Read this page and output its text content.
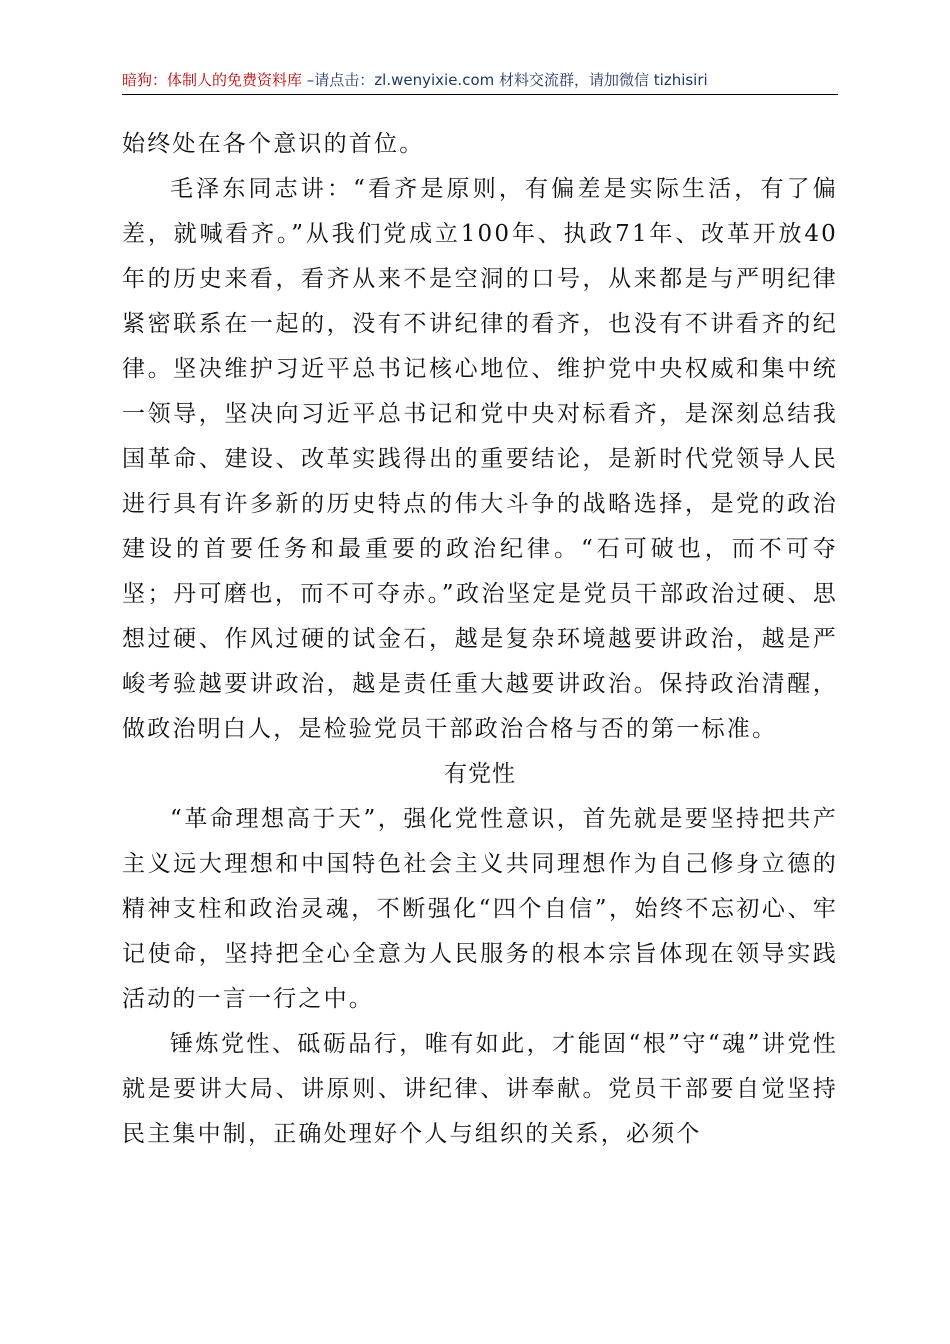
暗狗：体制人的免费资料库 –请点击：zl.wenyixie.com 材料交流群，请加微信 tizhisiri

始终处在各个意识的首位。

毛泽东同志讲：“看齐是原则，有偏差是实际生活，有了偏差，就喊看齐。”从我们党成立100年、执政71年、改革开放40年的历史来看，看齐从来不是空洞的口号，从来都是与严明纪律紧密联系在一起的，没有不讲纪律的看齐，也没有不讲看齐的纪律。坚决维护习近平总书记核心地位、维护党中央权威和集中统一领导，坚决向习近平总书记和党中央对标看齐，是深刻总结我国革命、建设、改革实践得出的重要结论，是新时代党领导人民进行具有许多新的历史特点的伟大斗争的战略选择，是党的政治建设的首要任务和最重要的政治纪律。“石可破也，而不可夺坚；丹可磨也，而不可夺赤。”政治坚定是党员干部政治过硬、思想过硬、作风过硬的试金石，越是复杂环境越要讲政治，越是严峻考验越要讲政治，越是责任重大越要讲政治。保持政治清醒，做政治明白人，是检验党员干部政治合格与否的第一标准。

有党性

“革命理想高于天”，强化党性意识，首先就是要坚持把共产主义远大理想和中国特色社会主义共同理想作为自己修身立德的精神支柱和政治灵魂，不断强化“四个自信”，始终不忘初心、牢记使命，坚持把全心全意为人民服务的根本宗旨体现在领导实践活动的一言一行之中。

锤炼党性、砥砺品行，唯有如此，才能固“根”守“魂”讲党性就是要讲大局、讲原则、讲纪律、讲奉献。党员干部要自觉坚持民主集中制，正确处理好个人与组织的关系，必须个
